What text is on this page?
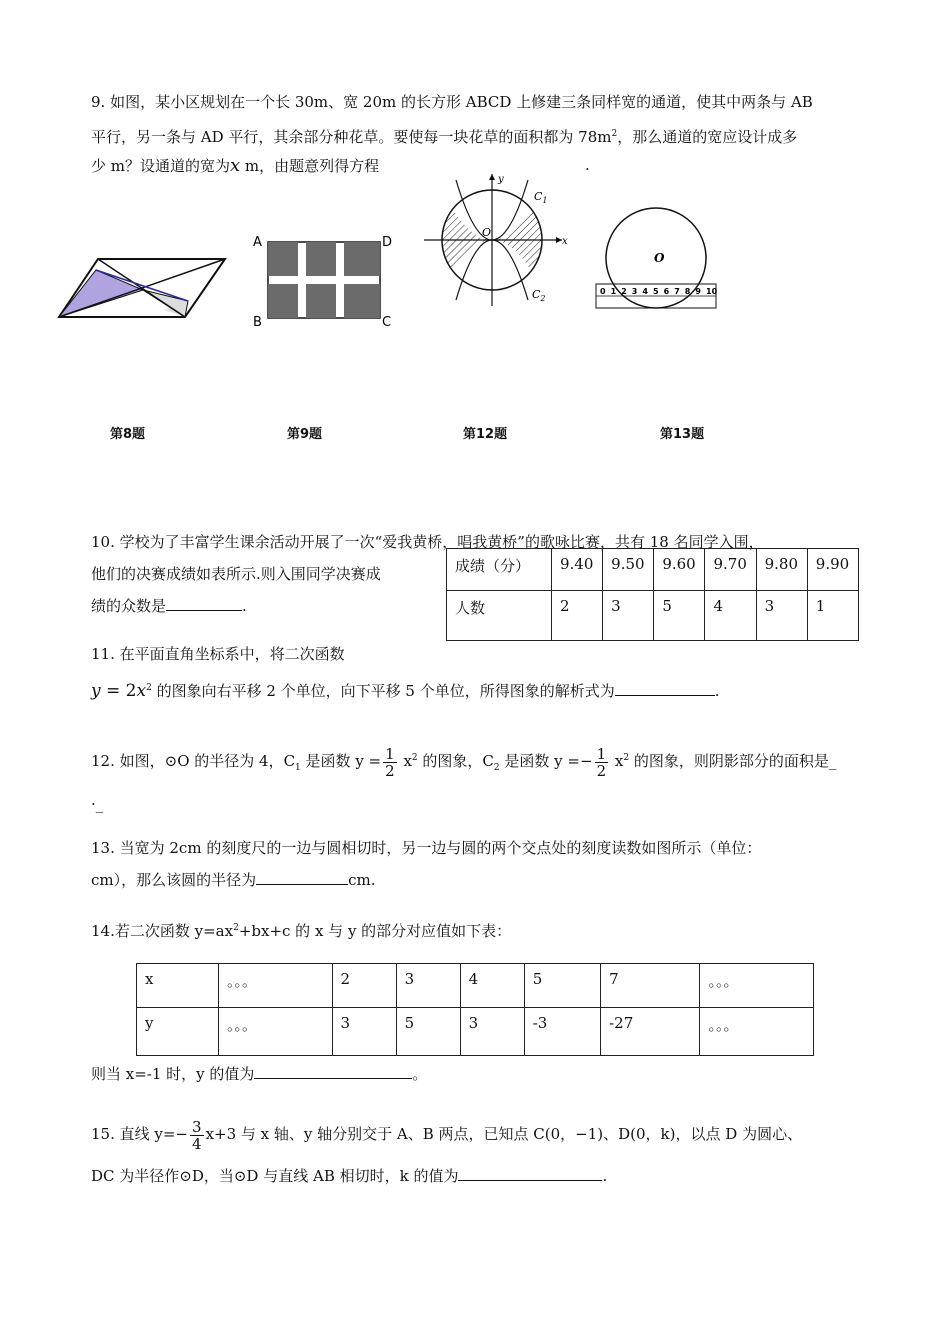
9. 如图，某小区规划在一个长 30m、宽 20m 的长方形 ABCD 上修建三条同样宽的通道，使其中两条与 AB
平行，另一条与 AD 平行，其余部分种花草。要使每一块花草的面积都为 $78m^2$，那么通道的宽应设计成多
少 m？设通道的宽为x m，由题意列得方程	.
A	D
B	C
y
x
O
$C_1$
$C_2$
O
0 1 2 3 4 5 6 7 8 9 10
第8题	第9题	第12题	第13题
10. 学校为了丰富学生课余活动开展了一次“爱我黄桥，唱我黄桥”的歌咏比赛，共有 18 名同学入围，
他们的决赛成绩如表所示.则入围同学决赛成
绩的众数是	.
成绩（分）	9.40	9.50	9.60	9.70	9.80	9.90
人数	2	3	5	4	3	1
11. 在平面直角坐标系中，将二次函数
$y = 2x^2$ 的图象向右平移 2 个单位，向下平移 5 个单位，所得图象的解析式为	.
12. 如图，⊙O 的半径为 4，$C_1$ 是函数 $y = \frac{1}{2} x^2$ 的图象，$C_2$ 是函数 $y =- \frac{1}{2} x^2$ 的图象，则阴影部分的面积是_
·_
13. 当宽为 2cm 的刻度尺的一边与圆相切时，另一边与圆的两个交点处的刻度读数如图所示（单位：
cm），那么该圆的半径为	cm.
14.若二次函数 $y=ax^2+bx+c$ 的 x 与 y 的部分对应值如下表：
x	。。。	2	3	4	5	7	。。。
y	。。。	3	5	3	-3	-27	。。。
则当 x=-1 时，y 的值为	。
15. 直线 $y=- \frac{3}{4} x+3$ 与 x 轴、y 轴分别交于 A、B 两点，已知点 C(0，−1)、D(0，k)，以点 D 为圆心、
DC 为半径作⊙D，当⊙D 与直线 AB 相切时，k 的值为	.
